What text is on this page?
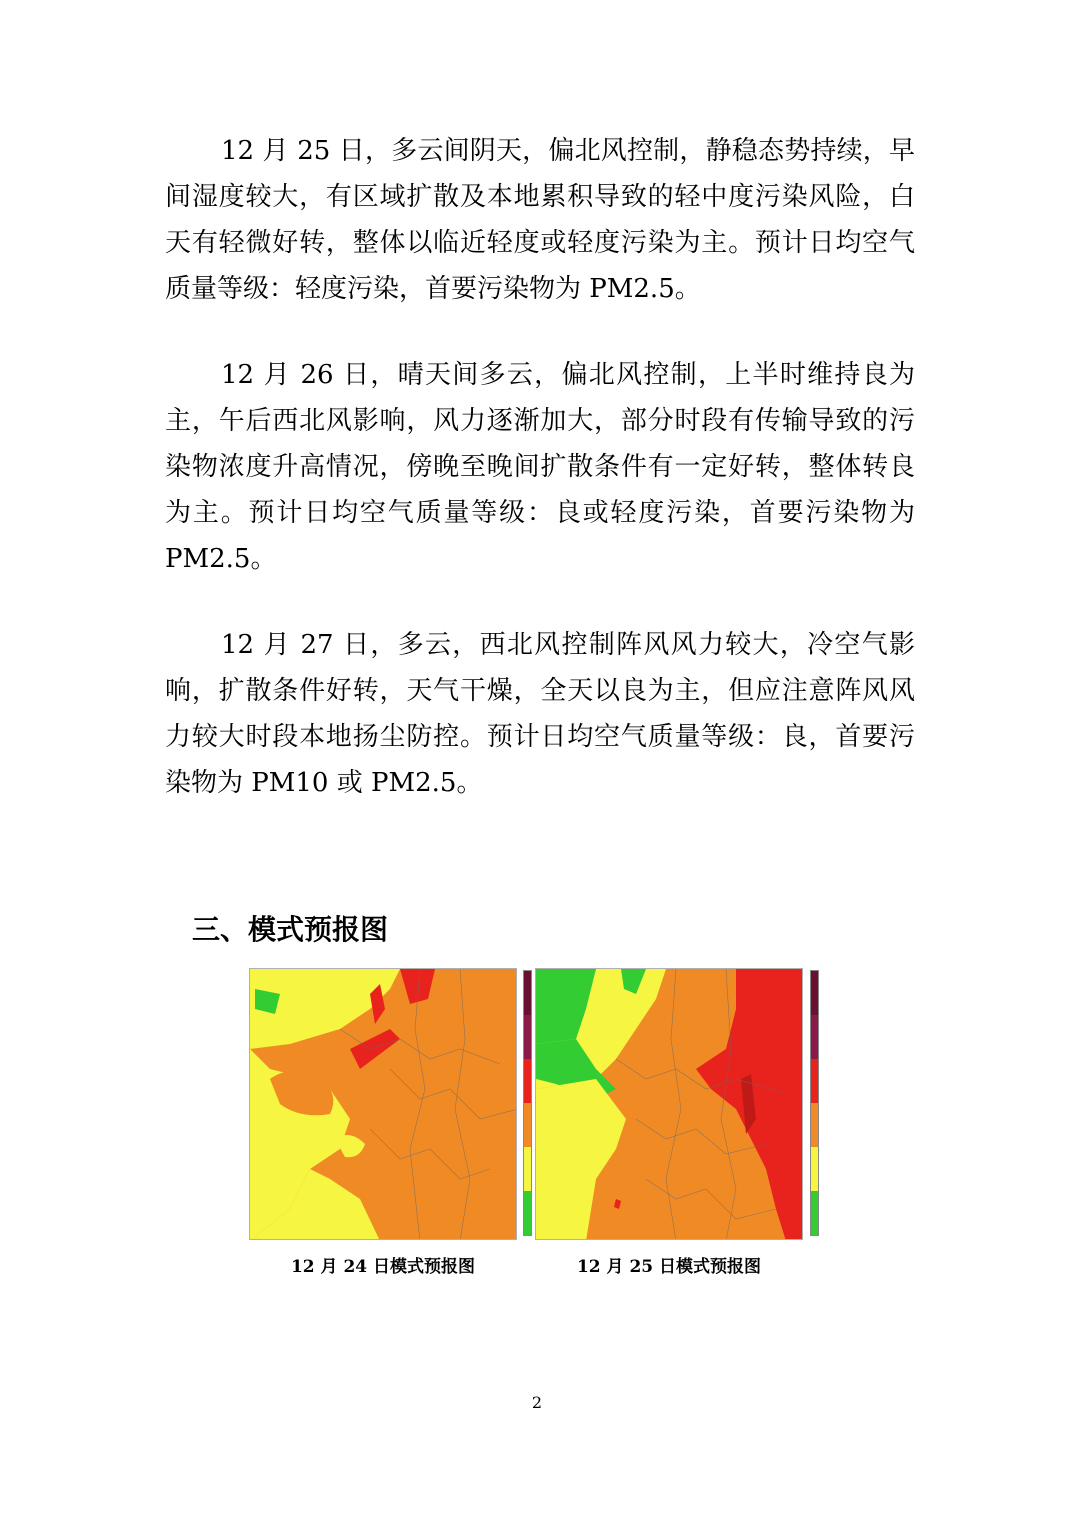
12 月 25 日，多云间阴天，偏北风控制，静稳态势持续，早间湿度较大，有区域扩散及本地累积导致的轻中度污染风险，白天有轻微好转，整体以临近轻度或轻度污染为主。预计日均空气质量等级：轻度污染，首要污染物为 PM2.5。

12 月 26 日，晴天间多云，偏北风控制，上半时维持良为主，午后西北风影响，风力逐渐加大，部分时段有传输导致的污染物浓度升高情况，傍晚至晚间扩散条件有一定好转，整体转良为主。预计日均空气质量等级：良或轻度污染，首要污染物为 PM2.5。

12 月 27 日，多云，西北风控制阵风风力较大，冷空气影响，扩散条件好转，天气干燥，全天以良为主，但应注意阵风风力较大时段本地扬尘防控。预计日均空气质量等级：良，首要污染物为 PM10 或 PM2.5。

三、模式预报图

12 月 24 日模式预报图	12 月 25 日模式预报图

2
